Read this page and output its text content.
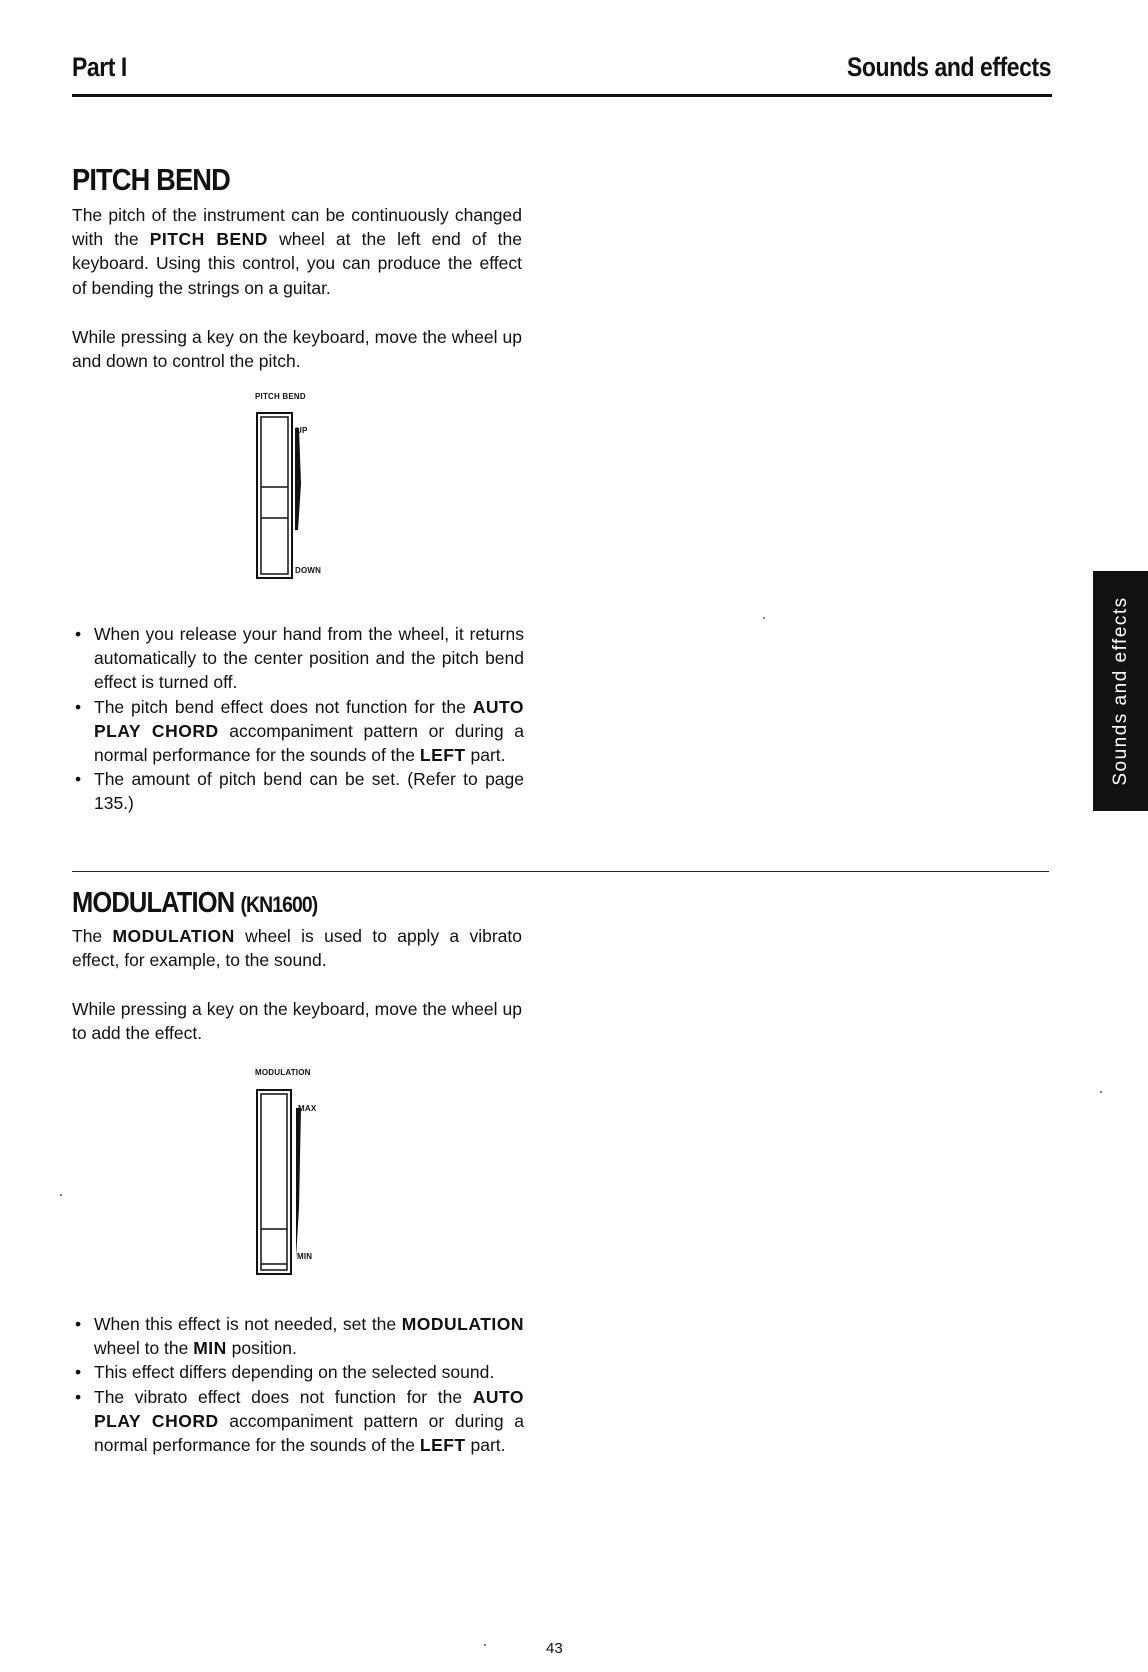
Part I	Sounds and effects
PITCH BEND
The pitch of the instrument can be continuously changed with the PITCH BEND wheel at the left end of the keyboard. Using this control, you can produce the effect of bending the strings on a guitar.
While pressing a key on the keyboard, move the wheel up and down to control the pitch.
PITCH BEND
UP
DOWN
• When you release your hand from the wheel, it returns automatically to the center position and the pitch bend effect is turned off.
• The pitch bend effect does not function for the AUTO PLAY CHORD accompaniment pattern or during a normal performance for the sounds of the LEFT part.
• The amount of pitch bend can be set. (Refer to page 135.)
MODULATION (KN1600)
The MODULATION wheel is used to apply a vibrato effect, for example, to the sound.
While pressing a key on the keyboard, move the wheel up to add the effect.
MODULATION
MAX
MIN
• When this effect is not needed, set the MODULATION wheel to the MIN position.
• This effect differs depending on the selected sound.
• The vibrato effect does not function for the AUTO PLAY CHORD accompaniment pattern or during a normal performance for the sounds of the LEFT part.
Sounds and effects
43
